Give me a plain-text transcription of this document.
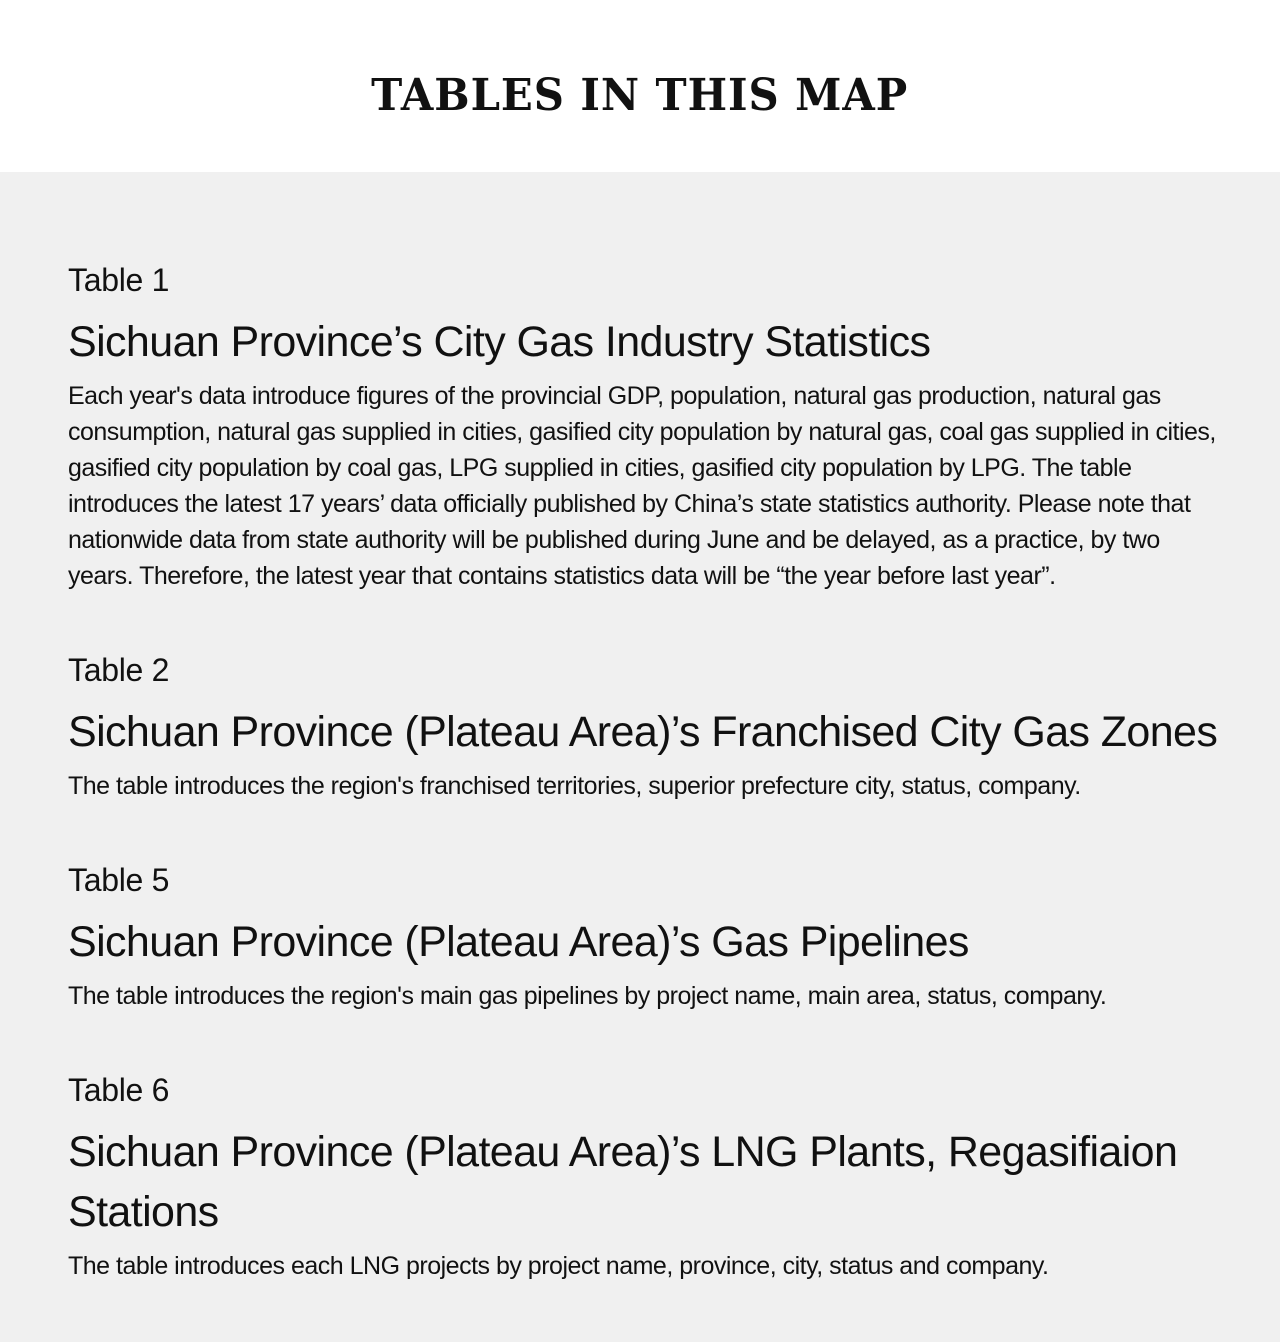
TABLES IN THIS MAP
Table 1
Sichuan Province’s City Gas Industry Statistics

Each year's data introduce figures of the provincial GDP, population, natural gas production, natural gas consumption, natural gas supplied in cities, gasified city population by natural gas, coal gas supplied in cities, gasified city population by coal gas, LPG supplied in cities, gasified city population by LPG. The table introduces the latest 17 years’ data officially published by China’s state statistics authority. Please note that nationwide data from state authority will be published during June and be delayed, as a practice, by two years. Therefore, the latest year that contains statistics data will be “the year before last year”.

Table 2
Sichuan Province (Plateau Area)’s Franchised City Gas Zones

The table introduces the region's franchised territories, superior prefecture city, status, company.

Table 5
Sichuan Province (Plateau Area)’s Gas Pipelines

The table introduces the region's main gas pipelines by project name, main area, status, company.

Table 6
Sichuan Province (Plateau Area)’s LNG Plants, Regasifiaion Stations

The table introduces each LNG projects by project name, province, city, status and company.
